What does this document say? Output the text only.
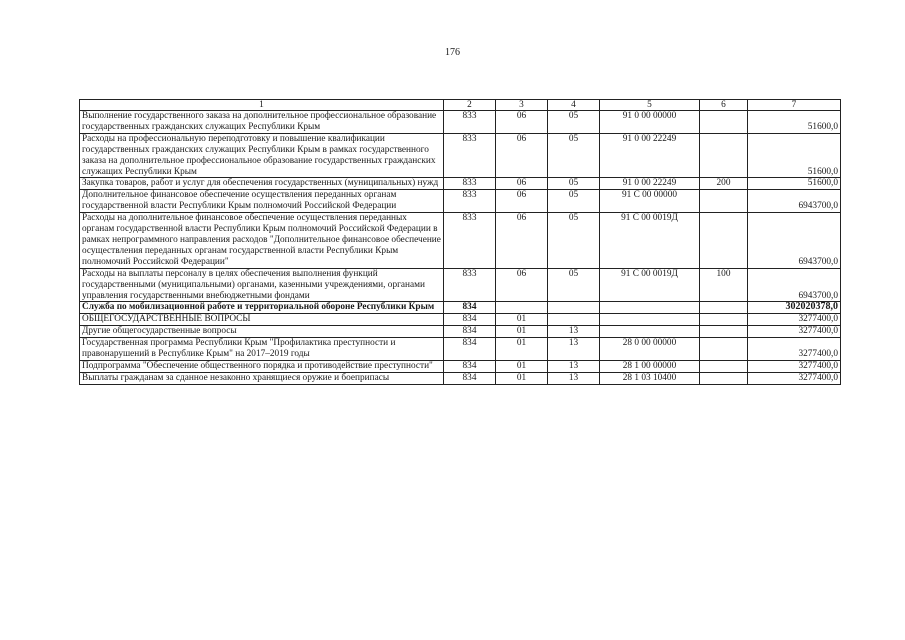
176
1	2	3	4	5	6	7
Выполнение государственного заказа на дополнительное профессиональное образование государственных гражданских служащих Республики Крым	833	06	05	91 0 00 00000		51600,0
Расходы на профессиональную переподготовку и повышение квалификации государственных гражданских служащих Республики Крым в рамках государственного заказа на дополнительное профессиональное образование государственных гражданских служащих Республики Крым	833	06	05	91 0 00 22249		51600,0
Закупка товаров, работ и услуг для обеспечения государственных (муниципальных) нужд	833	06	05	91 0 00 22249	200	51600,0
Дополнительное финансовое обеспечение осуществления переданных органам государственной власти Республики Крым полномочий Российской Федерации	833	06	05	91 С 00 00000		6943700,0
Расходы на дополнительное финансовое обеспечение осуществления переданных органам государственной власти Республики Крым полномочий Российской Федерации в рамках непрограммного направления расходов "Дополнительное финансовое обеспечение осуществления переданных органам государственной власти Республики Крым полномочий Российской Федерации"	833	06	05	91 С 00 0019Д		6943700,0
Расходы на выплаты персоналу в целях обеспечения выполнения функций государственными (муниципальными) органами, казенными учреждениями, органами управления государственными внебюджетными фондами	833	06	05	91 С 00 0019Д	100	6943700,0
Служба по мобилизационной работе и территориальной обороне Республики Крым	834					302020378,0
ОБЩЕГОСУДАРСТВЕННЫЕ ВОПРОСЫ	834	01				3277400,0
Другие общегосударственные вопросы	834	01	13			3277400,0
Государственная программа Республики Крым "Профилактика преступности и правонарушений в Республике Крым" на 2017–2019 годы	834	01	13	28 0 00 00000		3277400,0
Подпрограмма "Обеспечение общественного порядка и противодействие преступности"	834	01	13	28 1 00 00000		3277400,0
Выплаты гражданам за сданное незаконно хранящиеся оружие и боеприпасы	834	01	13	28 1 03 10400		3277400,0
